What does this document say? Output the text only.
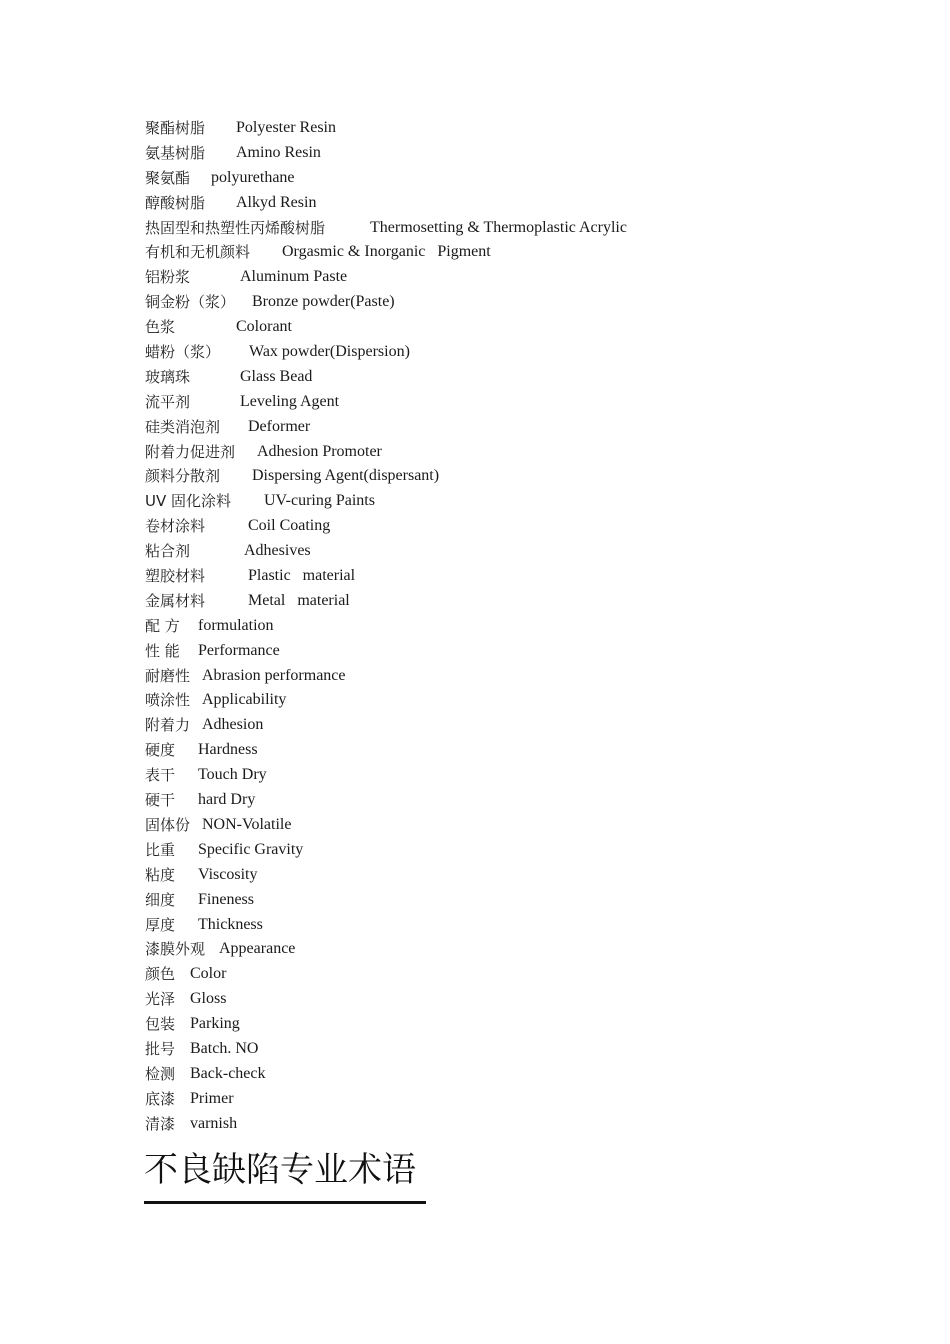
聚酯树脂 Polyester Resin
氨基树脂 Amino Resin
聚氨酯 polyurethane
醇酸树脂 Alkyd Resin
热固型和热塑性丙烯酸树脂	Thermosetting & Thermoplastic Acrylic
有机和无机颜料 Orgasmic & Inorganic   Pigment
铝粉浆	Aluminum Paste
铜金粉（浆） Bronze powder(Paste)
色浆	Colorant
蜡粉（浆） Wax powder(Dispersion)
玻璃珠	Glass Bead
流平剂	Leveling Agent
硅类消泡剂 Deformer
附着力促进剂 Adhesion Promoter
颜料分散剂 Dispersing Agent(dispersant)
UV 固化涂料 UV-curing Paints
卷材涂料	Coil Coating
粘合剂	Adhesives
塑胶材料	Plastic   material
金属材料	Metal   material
配 方 formulation
性 能 Performance
耐磨性 Abrasion performance
喷涂性 Applicability
附着力 Adhesion
硬度 Hardness
表干 Touch Dry
硬干 hard Dry
固体份 NON-Volatile
比重 Specific Gravity
粘度 Viscosity
细度 Fineness
厚度 Thickness
漆膜外观 Appearance
颜色 Color
光泽 Gloss
包装 Parking
批号 Batch. NO
检测 Back-check
底漆 Primer
清漆 varnish
不良缺陷专业术语
